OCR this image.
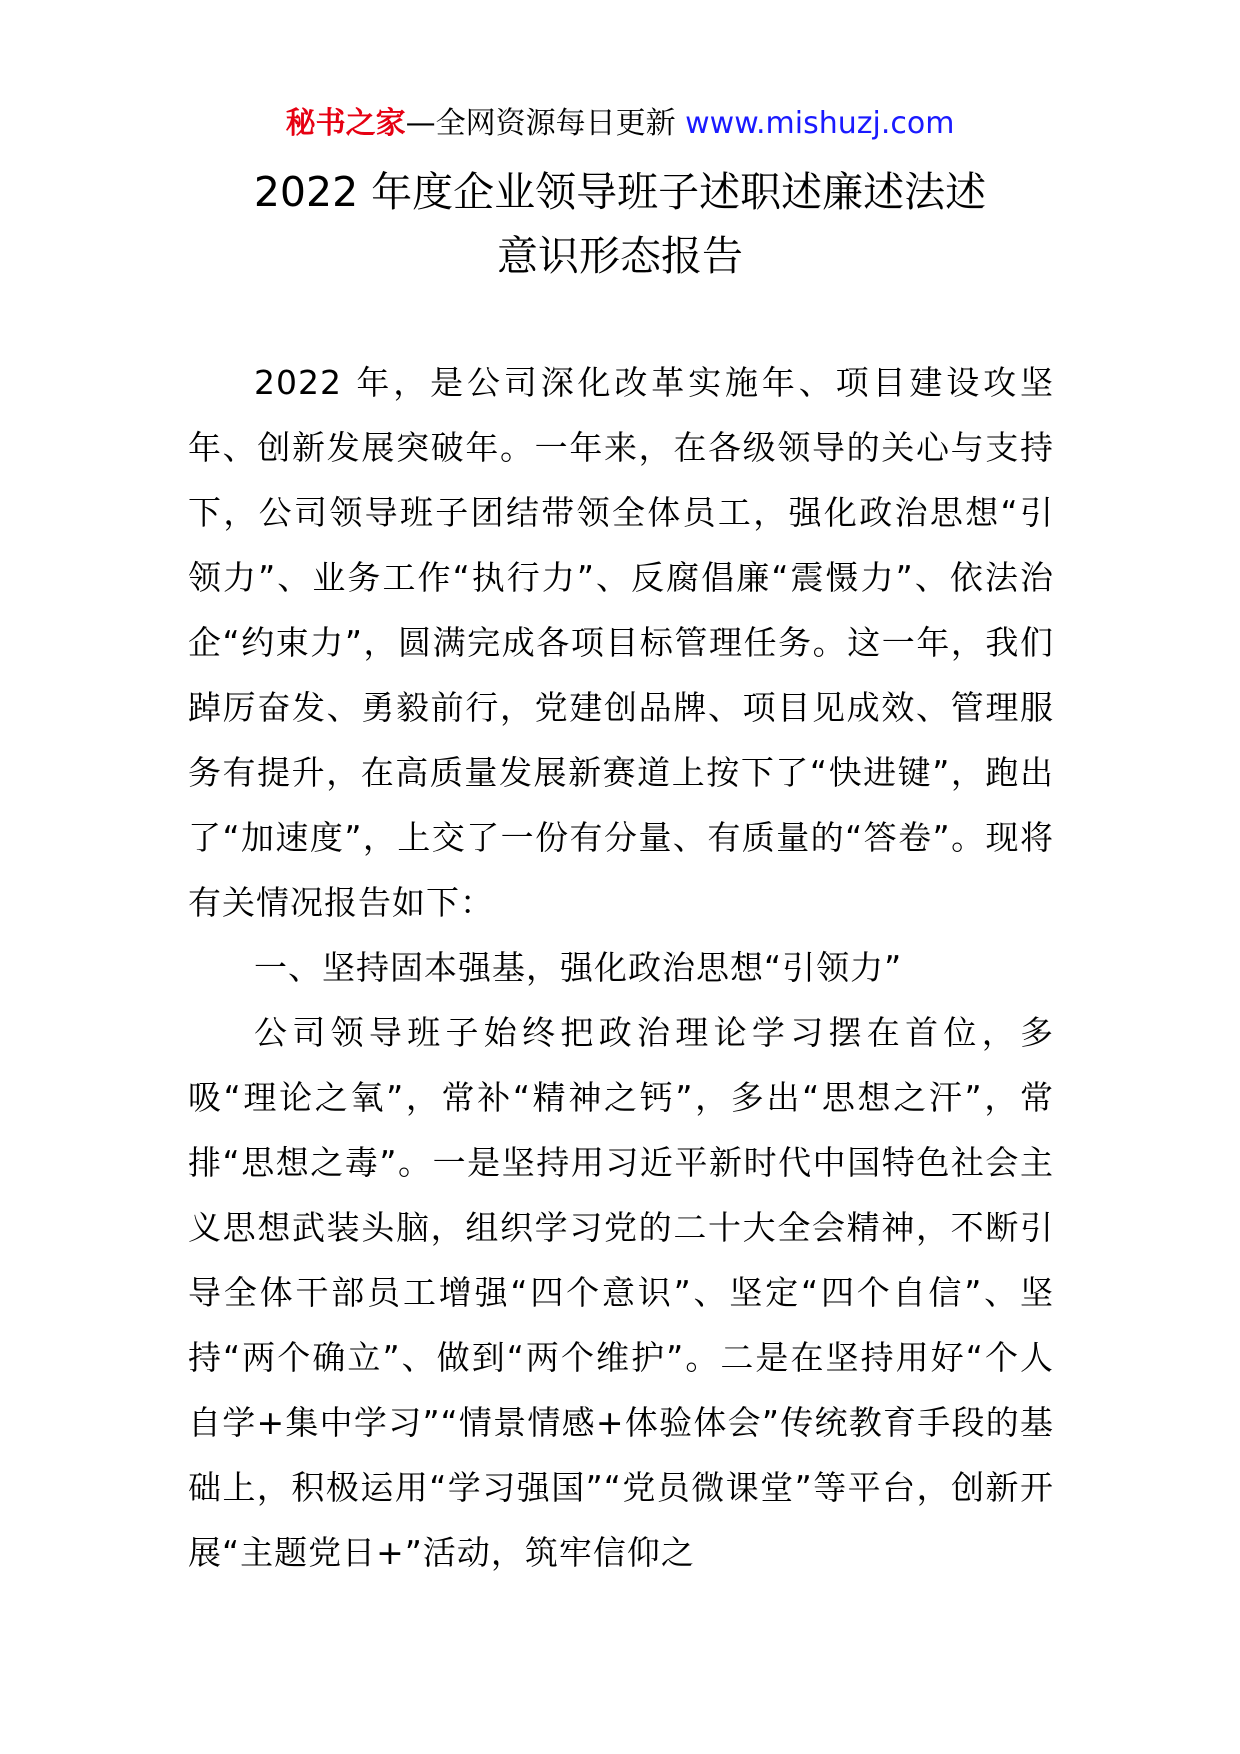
秘书之家—全网资源每日更新 www.mishuzj.com
2022 年度企业领导班子述职述廉述法述
意识形态报告

2022 年，是公司深化改革实施年、项目建设攻坚年、创新发展突破年。一年来，在各级领导的关心与支持下，公司领导班子团结带领全体员工，强化政治思想“引领力”、业务工作“执行力”、反腐倡廉“震慑力”、依法治企“约束力”，圆满完成各项目标管理任务。这一年，我们踔厉奋发、勇毅前行，党建创品牌、项目见成效、管理服务有提升，在高质量发展新赛道上按下了“快进键”，跑出了“加速度”，上交了一份有分量、有质量的“答卷”。现将有关情况报告如下：

一、坚持固本强基，强化政治思想“引领力”

公司领导班子始终把政治理论学习摆在首位，多吸“理论之氧”，常补“精神之钙”，多出“思想之汗”，常排“思想之毒”。一是坚持用习近平新时代中国特色社会主义思想武装头脑，组织学习党的二十大全会精神，不断引导全体干部员工增强“四个意识”、坚定“四个自信”、坚持“两个确立”、做到“两个维护”。二是在坚持用好“个人自学+集中学习”“情景情感+体验体会”传统教育手段的基础上，积极运用“学习强国”“党员微课堂”等平台，创新开展“主题党日+”活动，筑牢信仰之
